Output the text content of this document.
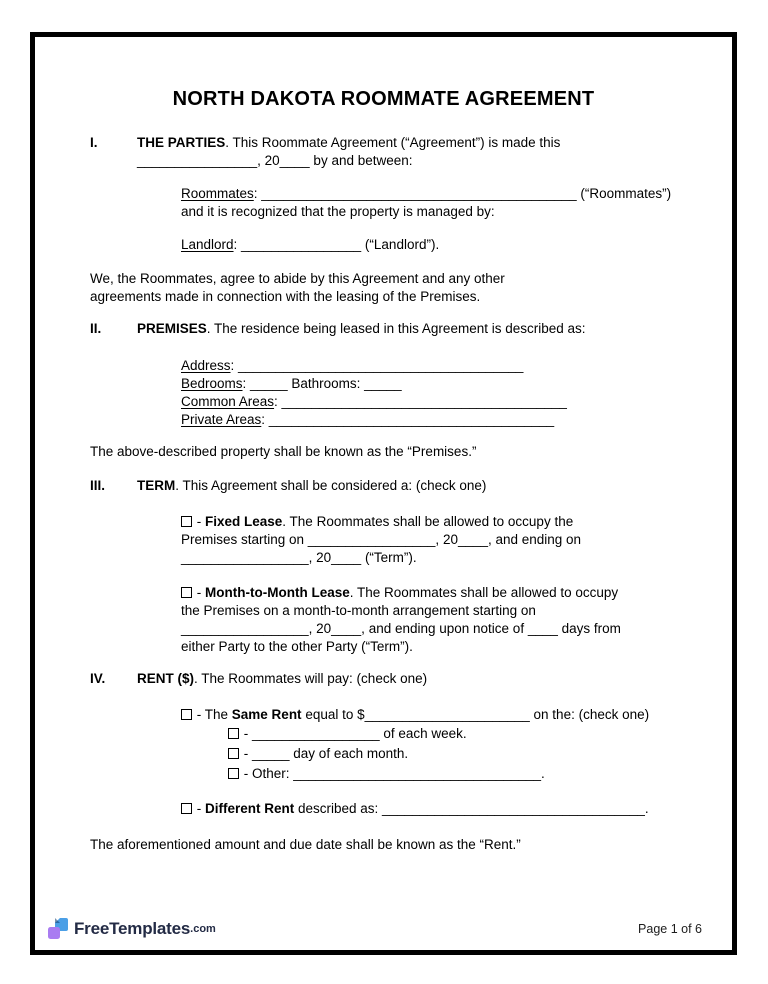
NORTH DAKOTA ROOMMATE AGREEMENT
I.	THE PARTIES. This Roommate Agreement (“Agreement”) is made this
________________, 20____ by and between:
Roommates: __________________________________________ (“Roommates”)
and it is recognized that the property is managed by:
Landlord: ________________ (“Landlord”).
We, the Roommates, agree to abide by this Agreement and any other
agreements made in connection with the leasing of the Premises.
II.	PREMISES. The residence being leased in this Agreement is described as:
Address: ______________________________________
Bedrooms: _____ Bathrooms: _____
Common Areas: ______________________________________
Private Areas: ______________________________________
The above-described property shall be known as the “Premises.”
III.	TERM. This Agreement shall be considered a: (check one)
- Fixed Lease. The Roommates shall be allowed to occupy the
Premises starting on _________________, 20____, and ending on
_________________, 20____ (“Term”).
- Month-to-Month Lease. The Roommates shall be allowed to occupy
the Premises on a month-to-month arrangement starting on
_________________, 20____, and ending upon notice of ____ days from
either Party to the other Party (“Term”).
IV.	RENT ($). The Roommates will pay: (check one)
- The Same Rent equal to $______________________ on the: (check one)
- _________________ of each week.
- _____ day of each month.
- Other: _________________________________.
- Different Rent described as: ___________________________________.
The aforementioned amount and due date shall be known as the “Rent.”
FreeTemplates .com	Page 1 of 6
